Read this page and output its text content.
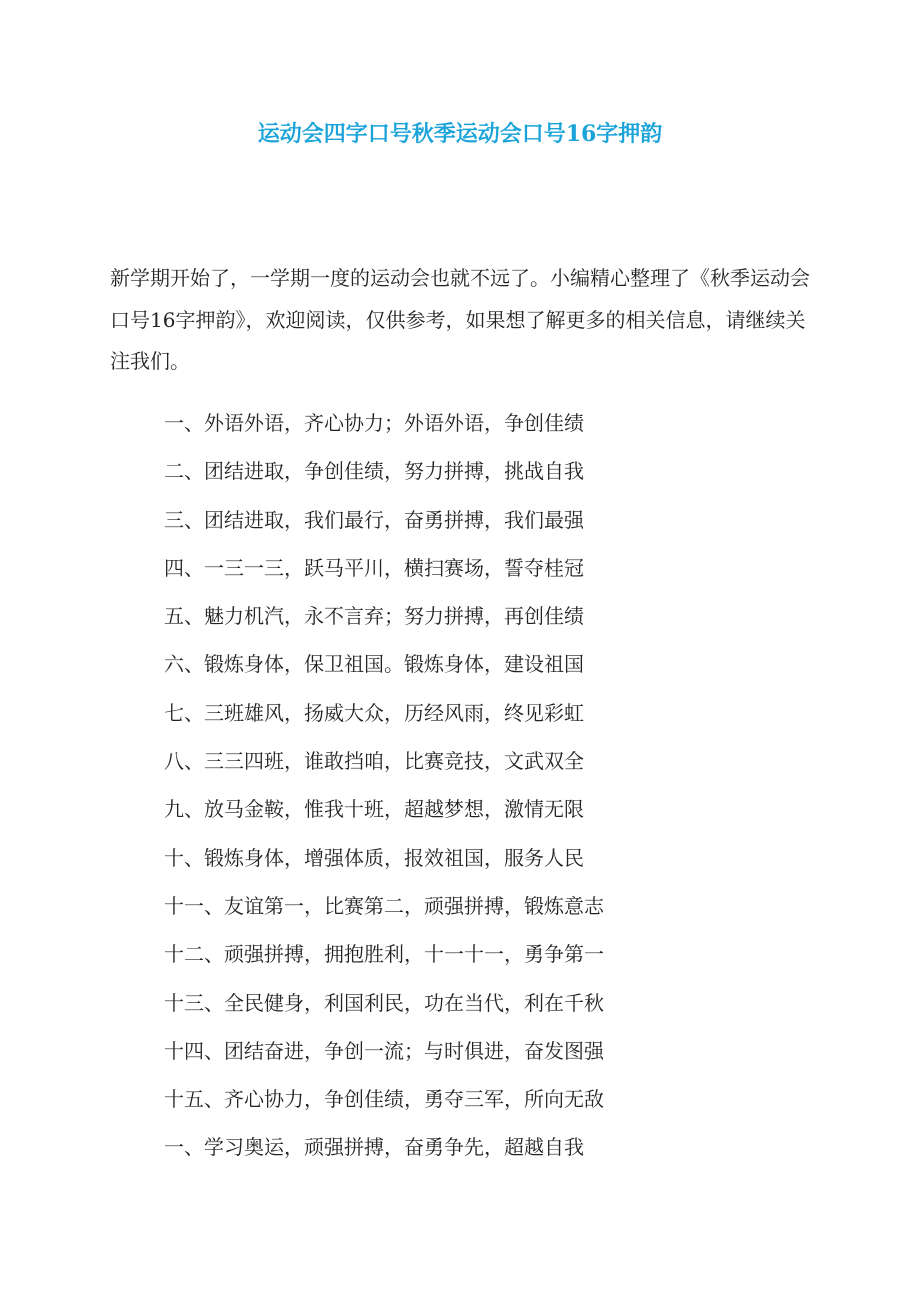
运动会四字口号秋季运动会口号16字押韵
新学期开始了，一学期一度的运动会也就不远了。小编精心整理了《秋季运动会口号16字押韵》，欢迎阅读，仅供参考，如果想了解更多的相关信息，请继续关注我们。
一、外语外语，齐心协力；外语外语，争创佳绩
二、团结进取，争创佳绩，努力拼搏，挑战自我
三、团结进取，我们最行，奋勇拼搏，我们最强
四、一三一三，跃马平川，横扫赛场，誓夺桂冠
五、魅力机汽，永不言弃；努力拼搏，再创佳绩
六、锻炼身体，保卫祖国。锻炼身体，建设祖国
七、三班雄风，扬威大众，历经风雨，终见彩虹
八、三三四班，谁敢挡咱，比赛竞技，文武双全
九、放马金鞍，惟我十班，超越梦想，激情无限
十、锻炼身体，增强体质，报效祖国，服务人民
十一、友谊第一，比赛第二，顽强拼搏，锻炼意志
十二、顽强拼搏，拥抱胜利，十一十一，勇争第一
十三、全民健身，利国利民，功在当代，利在千秋
十四、团结奋进，争创一流；与时俱进，奋发图强
十五、齐心协力，争创佳绩，勇夺三军，所向无敌
一、学习奥运，顽强拼搏，奋勇争先，超越自我
